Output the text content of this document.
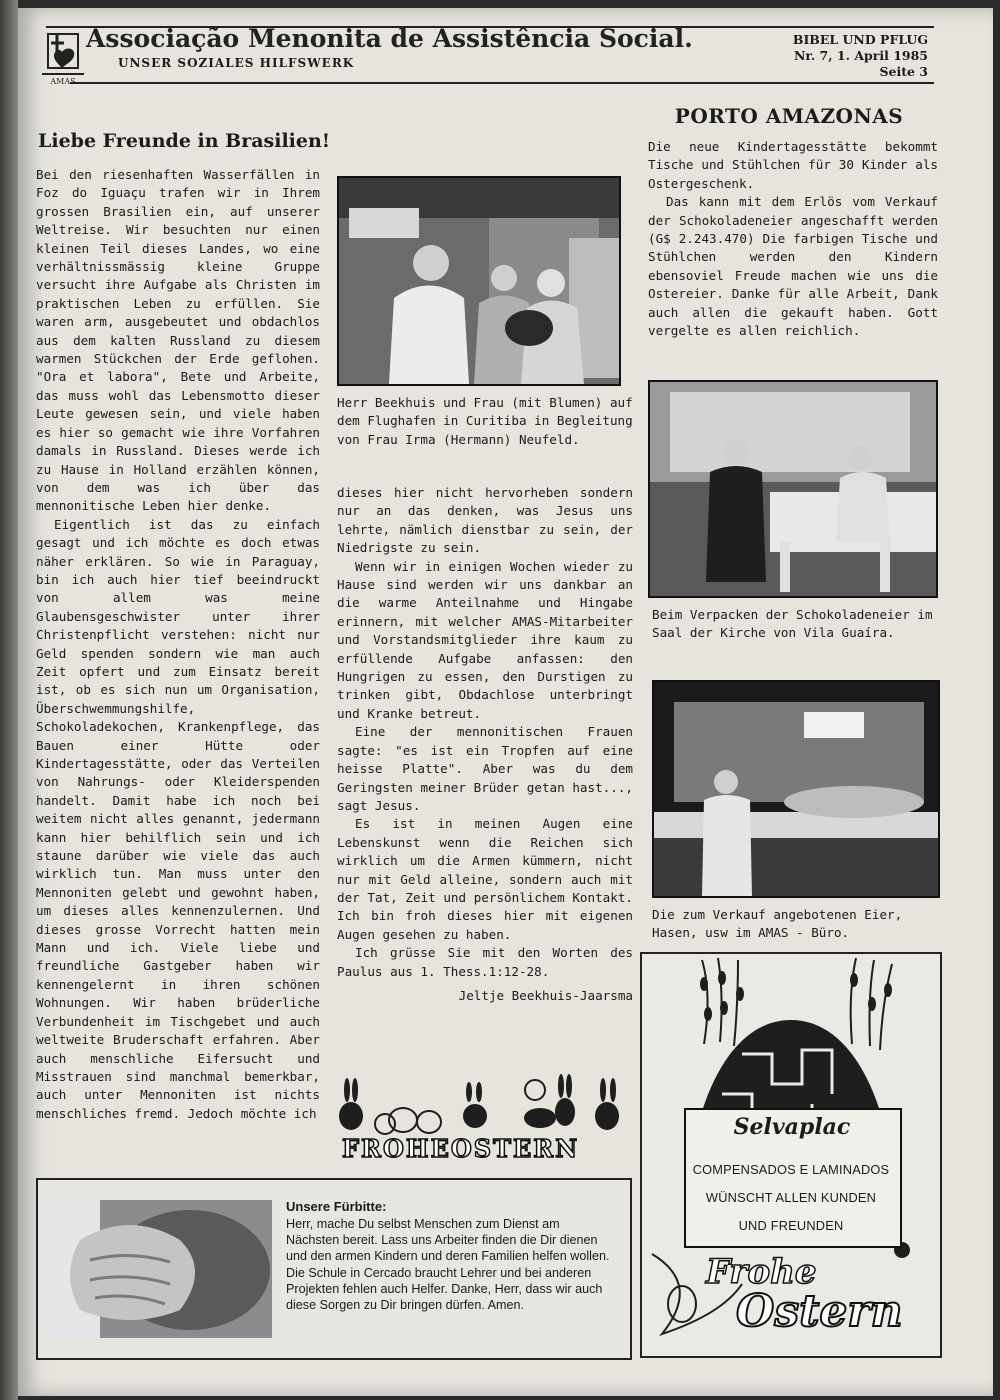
AMAS
Associação Menonita de Assistência Social.
UNSER SOZIALES HILFSWERK
BIBEL UND PFLUG
Nr. 7, 1. April 1985
Seite 3
Liebe Freunde in Brasilien!
PORTO AMAZONAS

Bei den riesenhaften Wasserfällen in Foz do Iguaçu trafen wir in Ihrem grossen Brasilien ein, auf unserer Weltreise. Wir besuchten nur einen kleinen Teil dieses Landes, wo eine verhältnissmässig kleine Gruppe versucht ihre Aufgabe als Christen im praktischen Leben zu erfüllen. Sie waren arm, ausgebeutet und obdachlos aus dem kalten Russland zu diesem warmen Stückchen der Erde geflohen. "Ora et labora", Bete und Arbeite, das muss wohl das Lebensmotto dieser Leute gewesen sein, und viele haben es hier so gemacht wie ihre Vorfahren damals in Russland. Dieses werde ich zu Hause in Holland erzählen können, von dem was ich über das mennonitische Leben hier denke.

Eigentlich ist das zu einfach gesagt und ich möchte es doch etwas näher erklären. So wie in Paraguay, bin ich auch hier tief beeindruckt von allem was meine Glaubensgeschwister unter ihrer Christenpflicht verstehen: nicht nur Geld spenden sondern wie man auch Zeit opfert und zum Einsatz bereit ist, ob es sich nun um Organisation, Überschwemmungshilfe, Schokoladekochen, Krankenpflege, das Bauen einer Hütte oder Kindertagesstätte, oder das Verteilen von Nahrungs- oder Kleiderspenden handelt. Damit habe ich noch bei weitem nicht alles genannt, jedermann kann hier behilflich sein und ich staune darüber wie viele das auch wirklich tun. Man muss unter den Mennoniten gelebt und gewohnt haben, um dieses alles kennenzulernen. Und dieses grosse Vorrecht hatten mein Mann und ich. Viele liebe und freundliche Gastgeber haben wir kennengelernt in ihren schönen Wohnungen. Wir haben brüderliche Verbundenheit im Tischgebet und auch weltweite Bruderschaft erfahren. Aber auch menschliche Eifersucht und Misstrauen sind manchmal bemerkbar, auch unter Mennoniten ist nichts menschliches fremd. Jedoch möchte ich

Herr Beekhuis und Frau (mit Blumen) auf dem Flughafen in Curitiba in Begleitung von Frau Irma (Hermann) Neufeld.

dieses hier nicht hervorheben sondern nur an das denken, was Jesus uns lehrte, nämlich dienstbar zu sein, der Niedrigste zu sein.

Wenn wir in einigen Wochen wieder zu Hause sind werden wir uns dankbar an die warme Anteilnahme und Hingabe erinnern, mit welcher AMAS-Mitarbeiter und Vorstandsmitglieder ihre kaum zu erfüllende Aufgabe anfassen: den Hungrigen zu essen, den Durstigen zu trinken gibt, Obdachlose unterbringt und Kranke betreut.

Eine der mennonitischen Frauen sagte: "es ist ein Tropfen auf eine heisse Platte". Aber was du dem Geringsten meiner Brüder getan hast..., sagt Jesus.

Es ist in meinen Augen eine Lebenskunst wenn die Reichen sich wirklich um die Armen kümmern, nicht nur mit Geld alleine, sondern auch mit der Tat, Zeit und persönlichem Kontakt. Ich bin froh dieses hier mit eigenen Augen gesehen zu haben.

Ich grüsse Sie mit den Worten des Paulus aus 1. Thess.1:12-28.

Jeltje Beekhuis-Jaarsma

Die neue Kindertagesstätte bekommt Tische und Stühlchen für 30 Kinder als Ostergeschenk.

Das kann mit dem Erlös vom Verkauf der Schokoladeneier angeschafft werden (G$ 2.243.470) Die farbigen Tische und Stühlchen werden den Kindern ebensoviel Freude machen wie uns die Ostereier. Danke für alle Arbeit, Dank auch allen die gekauft haben. Gott vergelte es allen reichlich.

Beim Verpacken der Schokoladeneier im Saal der Kirche von Vila Guaíra.
Die zum Verkauf angebotenen Eier, Hasen, usw im AMAS - Büro.
FROHEOSTERN
Unsere Fürbitte:
Herr, mache Du selbst Menschen zum Dienst am Nächsten bereit. Lass uns Arbeiter finden die Dir dienen und den armen Kindern und deren Familien helfen wollen. Die Schule in Cercado braucht Lehrer und bei anderen Projekten fehlen auch Helfer. Danke, Herr, dass wir auch diese Sorgen zu Dir bringen dürfen. Amen.
Selvaplac
COMPENSADOS E LAMINADOS
WÜNSCHT ALLEN KUNDEN
UND FREUNDEN
Frohe
Ostern
